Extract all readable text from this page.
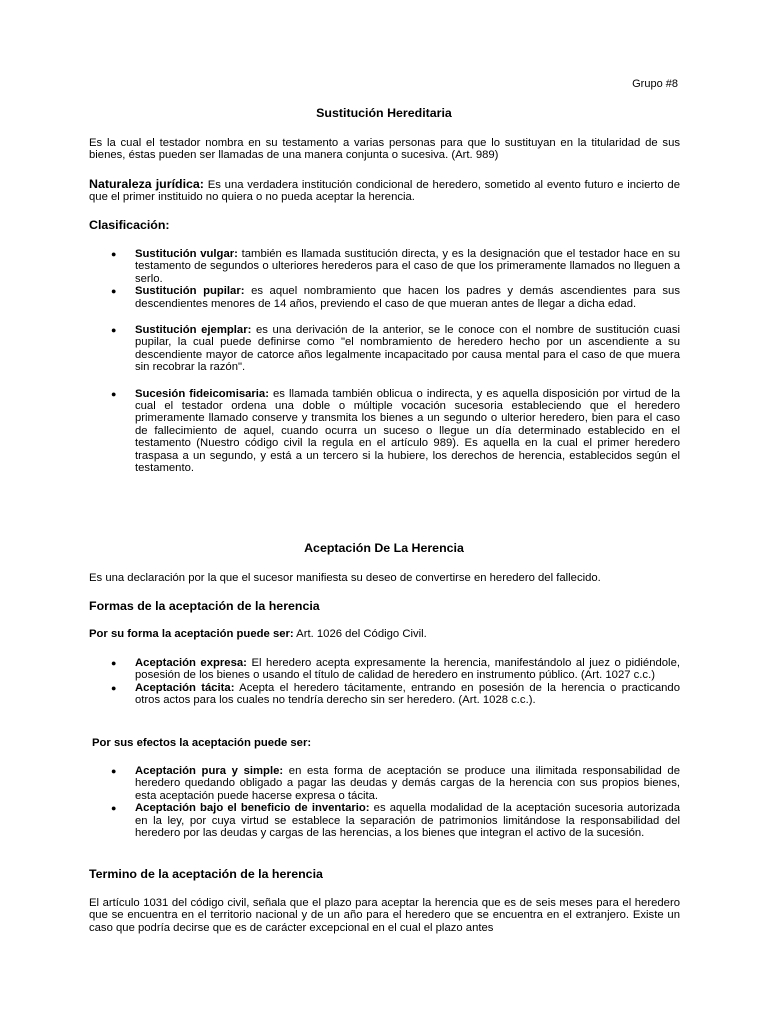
Grupo #8
Sustitución Hereditaria
Es la cual el testador nombra en su testamento a varias personas para que lo sustituyan en la titularidad de sus bienes, éstas pueden ser llamadas de una manera conjunta o sucesiva. (Art. 989)
Naturaleza jurídica: Es una verdadera institución condicional de heredero, sometido al evento futuro e incierto de que el primer instituido no quiera o no pueda aceptar la herencia.
Clasificación:
● Sustitución vulgar: también es llamada sustitución directa, y es la designación que el testador hace en su testamento de segundos o ulteriores herederos para el caso de que los primeramente llamados no lleguen a serlo.
● Sustitución pupilar: es aquel nombramiento que hacen los padres y demás ascendientes para sus descendientes menores de 14 años, previendo el caso de que mueran antes de llegar a dicha edad.
● Sustitución ejemplar: es una derivación de la anterior, se le conoce con el nombre de sustitución cuasi pupilar, la cual puede definirse como "el nombramiento de heredero hecho por un ascendiente a su descendiente mayor de catorce años legalmente incapacitado por causa mental para el caso de que muera sin recobrar la razón".
● Sucesión fideicomisaria: es llamada también oblicua o indirecta, y es aquella disposición por virtud de la cual el testador ordena una doble o múltiple vocación sucesoria estableciendo que el heredero primeramente llamado conserve y transmita los bienes a un segundo o ulterior heredero, bien para el caso de fallecimiento de aquel, cuando ocurra un suceso o llegue un día determinado establecido en el testamento (Nuestro código civil la regula en el artículo 989). Es aquella en la cual el primer heredero traspasa a un segundo, y está a un tercero si la hubiere, los derechos de herencia, establecidos según el testamento.
Aceptación De La Herencia
Es una declaración por la que el sucesor manifiesta su deseo de convertirse en heredero del fallecido.
Formas de la aceptación de la herencia
Por su forma la aceptación puede ser: Art. 1026 del Código Civil.
● Aceptación expresa: El heredero acepta expresamente la herencia, manifestándolo al juez o pidiéndole, posesión de los bienes o usando el título de calidad de heredero en instrumento público. (Art. 1027 c.c.)
● Aceptación tácita: Acepta el heredero tácitamente, entrando en posesión de la herencia o practicando otros actos para los cuales no tendría derecho sin ser heredero. (Art. 1028 c.c.).
Por sus efectos la aceptación puede ser:
● Aceptación pura y simple: en esta forma de aceptación se produce una ilimitada responsabilidad de heredero quedando obligado a pagar las deudas y demás cargas de la herencia con sus propios bienes, esta aceptación puede hacerse expresa o tácita.
● Aceptación bajo el beneficio de inventario: es aquella modalidad de la aceptación sucesoria autorizada en la ley, por cuya virtud se establece la separación de patrimonios limitándose la responsabilidad del heredero por las deudas y cargas de las herencias, a los bienes que integran el activo de la sucesión.
Termino de la aceptación de la herencia
El artículo 1031 del código civil, señala que el plazo para aceptar la herencia que es de seis meses para el heredero que se encuentra en el territorio nacional y de un año para el heredero que se encuentra en el extranjero. Existe un caso que podría decirse que es de carácter excepcional en el cual el plazo antes
